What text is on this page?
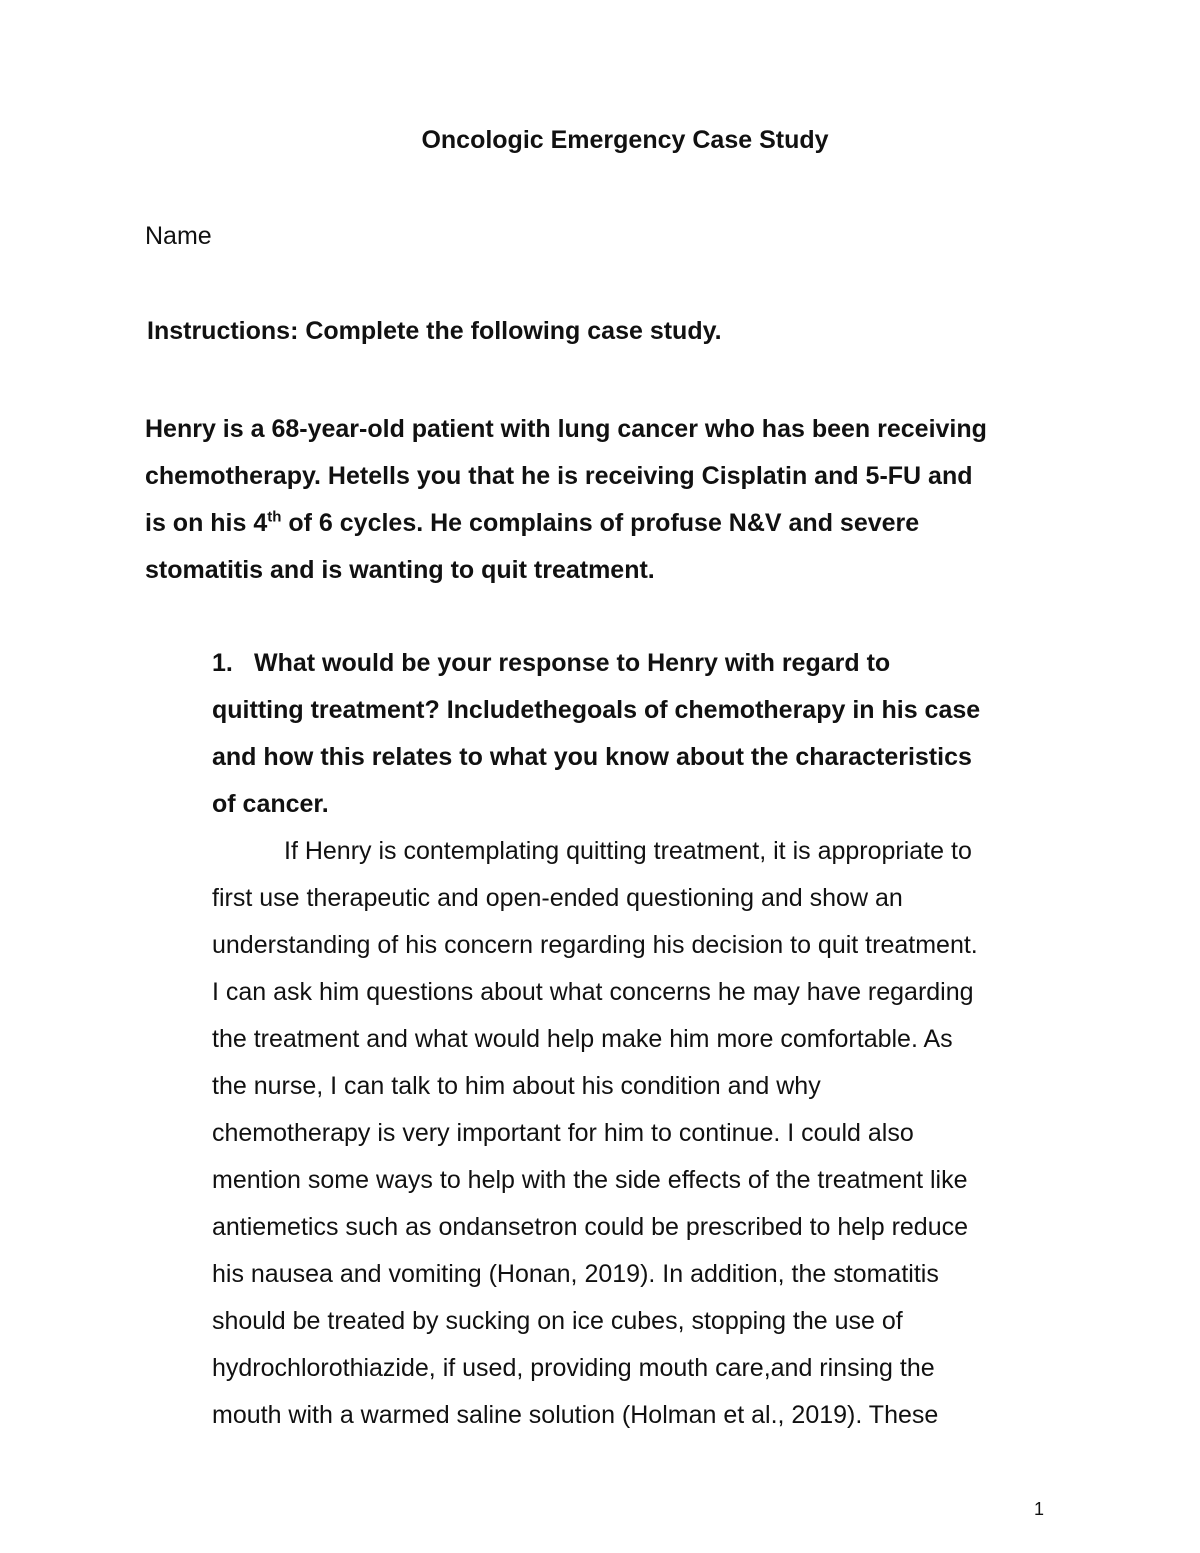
Oncologic Emergency Case Study
Name
Instructions: Complete the following case study.
Henry is a 68-year-old patient with lung cancer who has been receiving
chemotherapy. Hetells you that he is receiving Cisplatin and 5-FU and
is on his 4th of 6 cycles. He complains of profuse N&V and severe
stomatitis and is wanting to quit treatment.
1. What would be your response to Henry with regard to
quitting treatment? Includethegoals of chemotherapy in his case
and how this relates to what you know about the characteristics
of cancer.
If Henry is contemplating quitting treatment, it is appropriate to
first use therapeutic and open-ended questioning and show an
understanding of his concern regarding his decision to quit treatment.
I can ask him questions about what concerns he may have regarding
the treatment and what would help make him more comfortable. As
the nurse, I can talk to him about his condition and why
chemotherapy is very important for him to continue. I could also
mention some ways to help with the side effects of the treatment like
antiemetics such as ondansetron could be prescribed to help reduce
his nausea and vomiting (Honan, 2019). In addition, the stomatitis
should be treated by sucking on ice cubes, stopping the use of
hydrochlorothiazide, if used, providing mouth care,and rinsing the
mouth with a warmed saline solution (Holman et al., 2019). These
1
